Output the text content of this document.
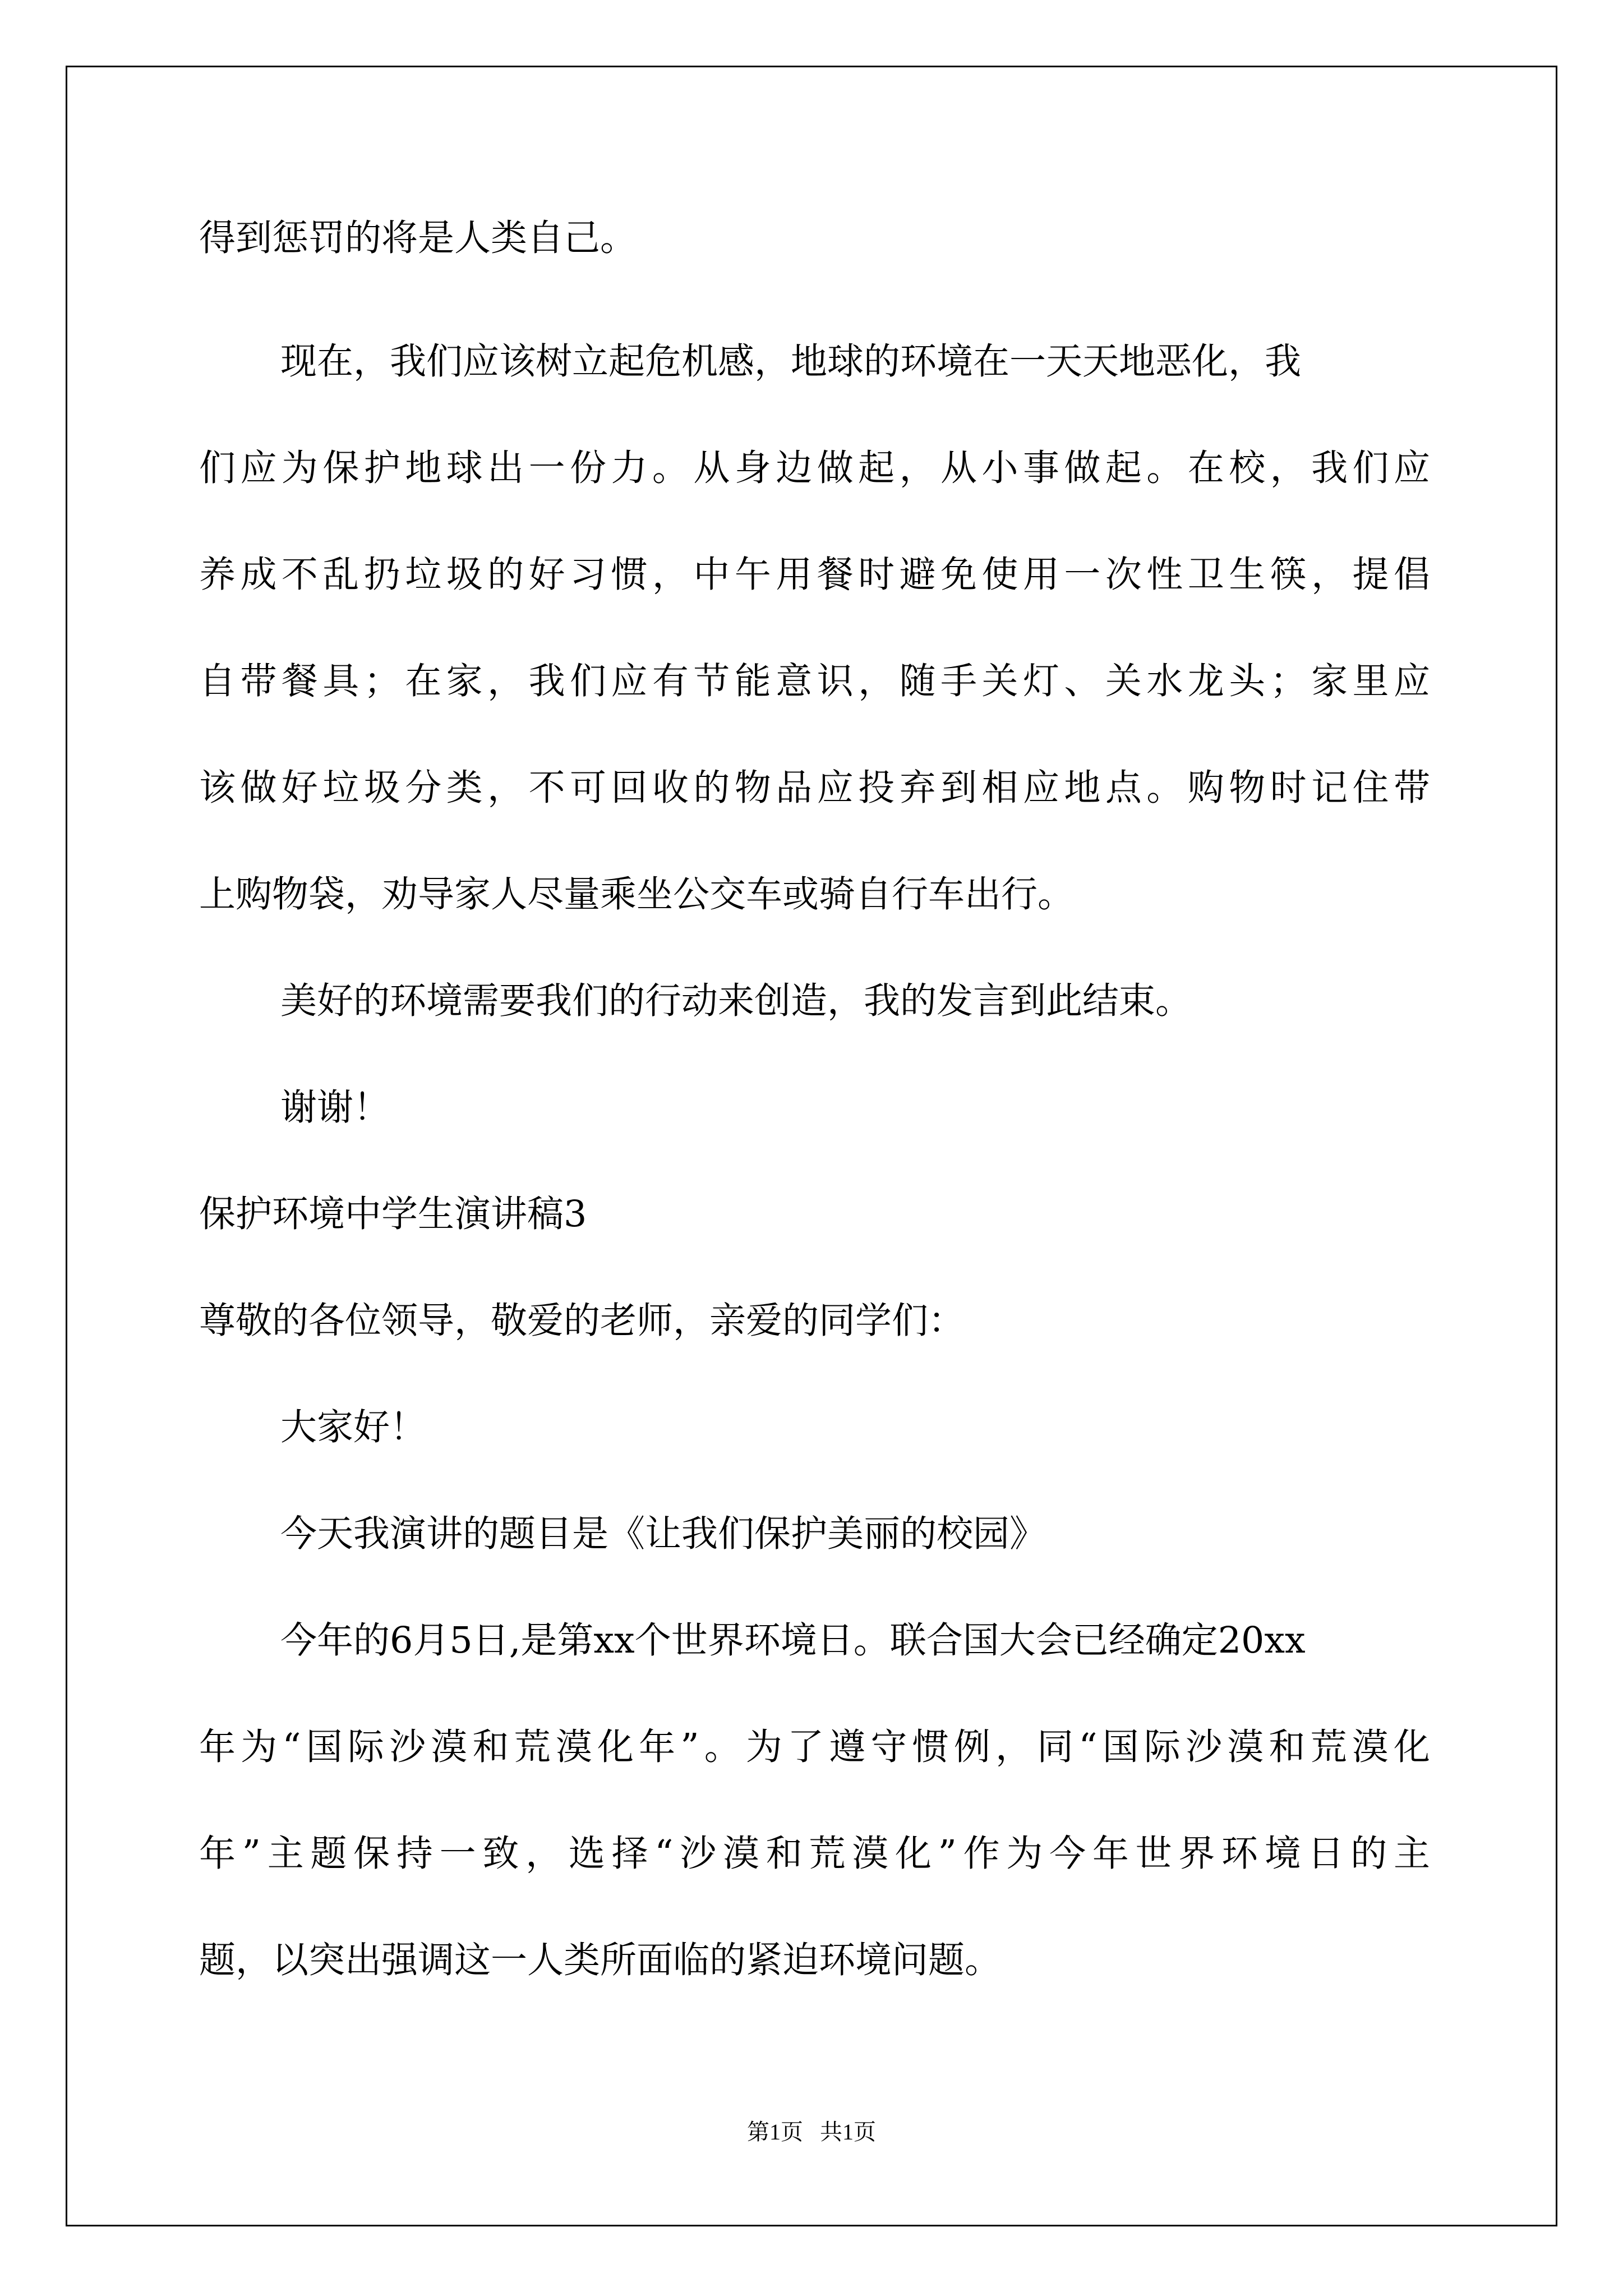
得到惩罚的将是人类自己。
现在，我们应该树立起危机感，地球的环境在一天天地恶化，我
们应为保护地球出一份力。从身边做起，从小事做起。在校，我们应
养成不乱扔垃圾的好习惯，中午用餐时避免使用一次性卫生筷，提倡
自带餐具；在家，我们应有节能意识，随手关灯、关水龙头；家里应
该做好垃圾分类，不可回收的物品应投弃到相应地点。购物时记住带
上购物袋，劝导家人尽量乘坐公交车或骑自行车出行。
美好的环境需要我们的行动来创造，我的发言到此结束。
谢谢！
保护环境中学生演讲稿3
尊敬的各位领导，敬爱的老师，亲爱的同学们：
大家好！
今天我演讲的题目是《让我们保护美丽的校园》
今年的6月5日,是第xx个世界环境日。联合国大会已经确定20xx
年为“国际沙漠和荒漠化年”。为了遵守惯例，同“国际沙漠和荒漠化
年”主题保持一致，选择“沙漠和荒漠化”作为今年世界环境日的主
题，以突出强调这一人类所面临的紧迫环境问题。
第1页   共1页
